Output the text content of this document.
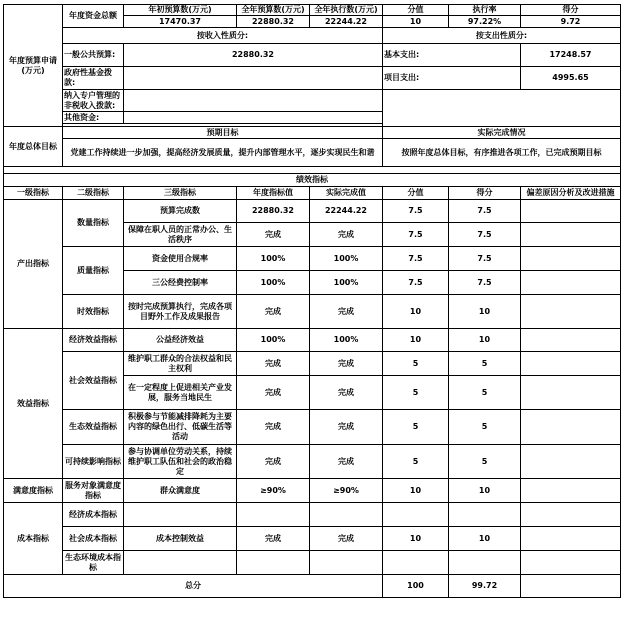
年度预算申请(万元)	年度资金总额	年初预算数(万元)	全年预算数(万元)	全年执行数(万元)	分值	执行率	得分
		17470.37	22880.32	22244.22	10	97.22%	9.72
	按收入性质分:				按支出性质分:		
	一般公共预算:	22880.32			基本支出:		17248.57
	政府性基金拨款:				项目支出:		4995.65
	纳入专户管理的非税收入拨款:						

	其他资金:						

年度总体目标	预期目标				实际完成情况		
	党建工作持续进一步加强，提高经济发展质量，提升内部管理水平，逐步实现民生和谐				按照年度总体目标，有序推进各项工作，已完成预期目标		

绩效指标							
一级指标	二级指标	三级指标	年度指标值	实际完成值	分值	得分	偏差原因分析及改进措施
产出指标	数量指标	预算完成数	22880.32	22244.22	7.5	7.5	
		保障在职人员的正常办公、生活秩序	完成	完成	7.5	7.5	
	质量指标	资金使用合规率	100%	100%	7.5	7.5	
		三公经费控制率	100%	100%	7.5	7.5	
	时效指标	按时完成预算执行，完成各项目野外工作及成果报告	完成	完成	10	10	
效益指标	经济效益指标	公益经济效益	100%	100%	10	10	
	社会效益指标	维护职工群众的合法权益和民主权利	完成	完成	5	5	
		在一定程度上促进相关产业发展，服务当地民生	完成	完成	5	5	
	生态效益指标	积极参与节能减排降耗为主要内容的绿色出行、低碳生活等活动	完成	完成	5	5	
	可持续影响指标	参与协调单位劳动关系，持续维护职工队伍和社会的政治稳定	完成	完成	5	5	
满意度指标	服务对象满意度指标	群众满意度	≥90%	≥90%	10	10	
成本指标	经济成本指标						
	社会成本指标	成本控制效益	完成	完成	10	10	
	生态环境成本指标						
总分					100	99.72	
